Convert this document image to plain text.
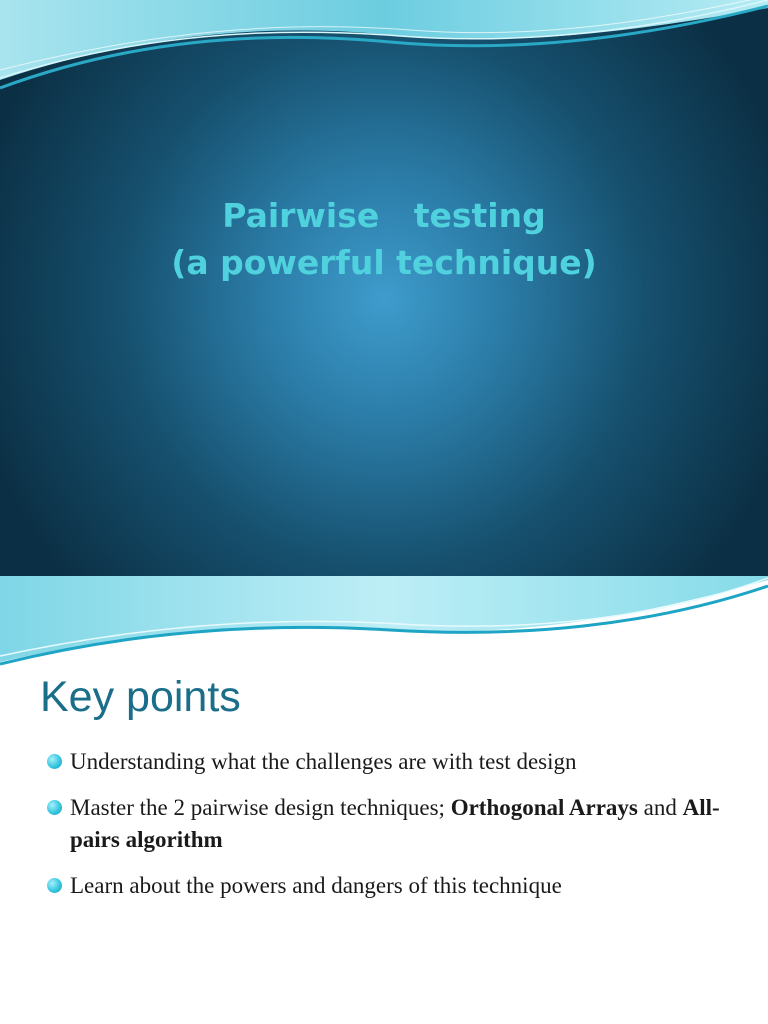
Pairwise   testing
(a powerful technique)
Key points
Understanding what the challenges are with test design
Master the 2 pairwise design techniques; Orthogonal Arrays and All-pairs algorithm
Learn about the powers and dangers of this technique
